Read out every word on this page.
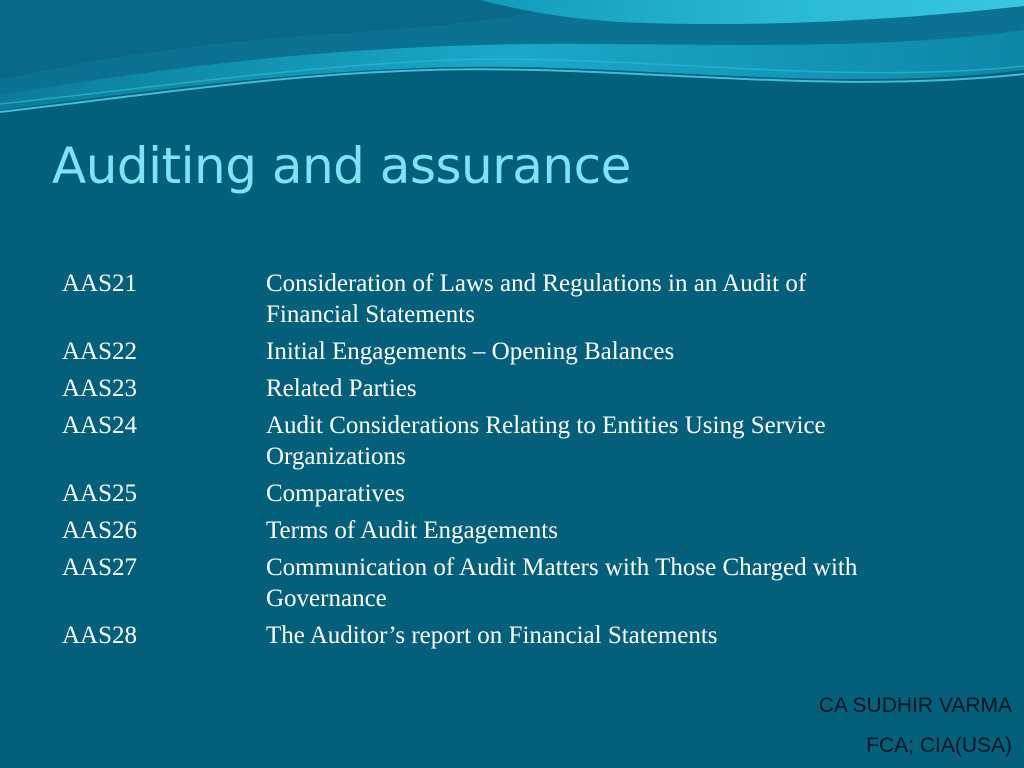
Auditing and assurance
AAS21	Consideration of Laws and Regulations in an Audit of Financial Statements
AAS22	Initial Engagements – Opening Balances
AAS23	Related Parties
AAS24	Audit Considerations Relating to Entities Using Service Organizations
AAS25	Comparatives
AAS26	Terms of Audit Engagements
AAS27	Communication of Audit Matters with Those Charged with Governance
AAS28	The Auditor’s report on Financial Statements
CA SUDHIR VARMA
FCA; CIA(USA)
